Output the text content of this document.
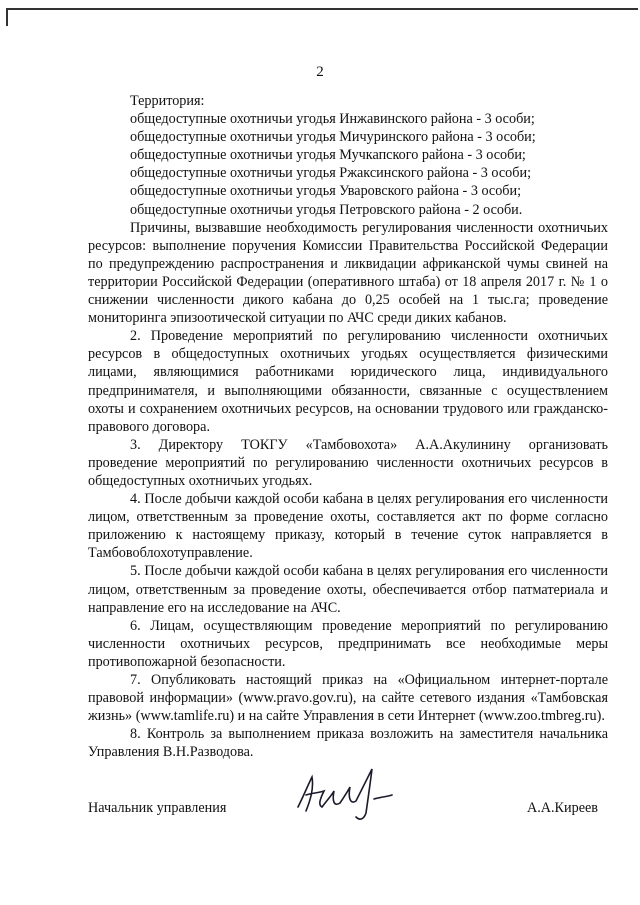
2
Территория:
общедоступные охотничьи угодья Инжавинского района - 3 особи;
общедоступные охотничьи угодья Мичуринского района - 3 особи;
общедоступные охотничьи угодья Мучкапского района - 3 особи;
общедоступные охотничьи угодья Ржаксинского района - 3 особи;
общедоступные охотничьи угодья Уваровского района - 3 особи;
общедоступные охотничьи угодья Петровского района - 2 особи.

Причины, вызвавшие необходимость регулирования численности охотничьих ресурсов: выполнение поручения Комиссии Правительства Российской Федерации по предупреждению распространения и ликвидации африканской чумы свиней на территории Российской Федерации (оперативного штаба) от 18 апреля 2017 г. № 1 о снижении численности дикого кабана до 0,25 особей на 1 тыс.га; проведение мониторинга эпизоотической ситуации по АЧС среди диких кабанов.

2. Проведение мероприятий по регулированию численности охотничьих ресурсов в общедоступных охотничьих угодьях осуществляется физическими лицами, являющимися работниками юридического лица, индивидуального предпринимателя, и выполняющими обязанности, связанные с осуществлением охоты и сохранением охотничьих ресурсов, на основании трудового или гражданско-правового договора.

3. Директору ТОКГУ «Тамбовохота» А.А.Акулинину организовать проведение мероприятий по регулированию численности охотничьих ресурсов в общедоступных охотничьих угодьях.

4. После добычи каждой особи кабана в целях регулирования его численности лицом, ответственным за проведение охоты, составляется акт по форме согласно приложению к настоящему приказу, который в течение суток направляется в Тамбовоблохотуправление.

5. После добычи каждой особи кабана в целях регулирования его численности лицом, ответственным за проведение охоты, обеспечивается отбор патматериала и направление его на исследование на АЧС.

6. Лицам, осуществляющим проведение мероприятий по регулированию численности охотничьих ресурсов, предпринимать все необходимые меры противопожарной безопасности.

7. Опубликовать настоящий приказ на «Официальном интернет-портале правовой информации» (www.pravo.gov.ru), на сайте сетевого издания «Тамбовская жизнь» (www.tamlife.ru) и на сайте Управления в сети Интернет (www.zoo.tmbreg.ru).

8. Контроль за выполнением приказа возложить на заместителя начальника Управления В.Н.Разводова.

Начальник управления	А.А.Киреев
